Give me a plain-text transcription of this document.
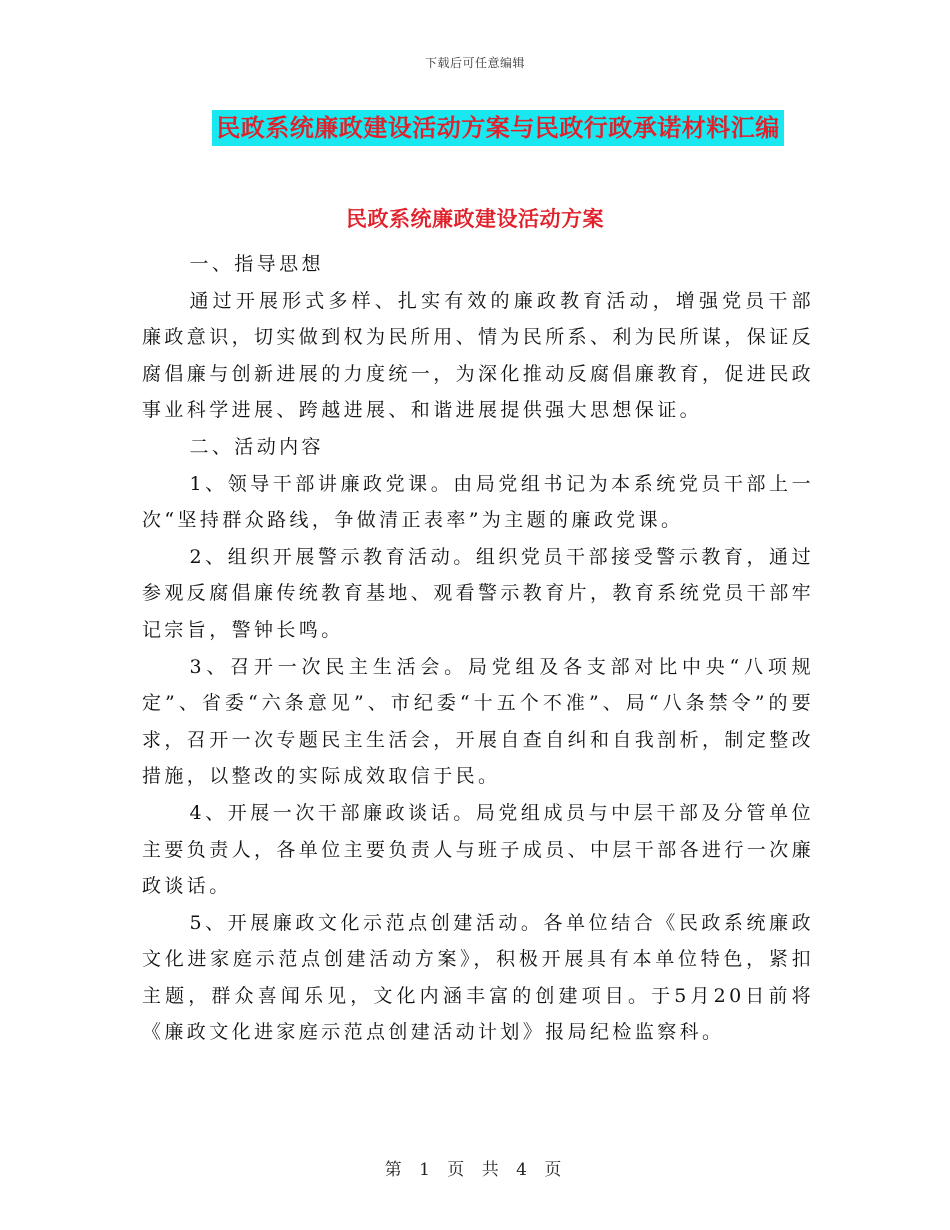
下载后可任意编辑
民政系统廉政建设活动方案与民政行政承诺材料汇编
民政系统廉政建设活动方案

一、指导思想

通过开展形式多样、扎实有效的廉政教育活动，增强党员干部廉政意识，切实做到权为民所用、情为民所系、利为民所谋，保证反腐倡廉与创新进展的力度统一，为深化推动反腐倡廉教育，促进民政事业科学进展、跨越进展、和谐进展提供强大思想保证。

二、活动内容

1、领导干部讲廉政党课。由局党组书记为本系统党员干部上一次“坚持群众路线，争做清正表率”为主题的廉政党课。

2、组织开展警示教育活动。组织党员干部接受警示教育，通过参观反腐倡廉传统教育基地、观看警示教育片，教育系统党员干部牢记宗旨，警钟长鸣。

3、召开一次民主生活会。局党组及各支部对比中央“八项规定”、省委“六条意见”、市纪委“十五个不准”、局“八条禁令”的要求，召开一次专题民主生活会，开展自查自纠和自我剖析，制定整改措施，以整改的实际成效取信于民。

4、开展一次干部廉政谈话。局党组成员与中层干部及分管单位主要负责人，各单位主要负责人与班子成员、中层干部各进行一次廉政谈话。

5、开展廉政文化示范点创建活动。各单位结合《民政系统廉政文化进家庭示范点创建活动方案》，积极开展具有本单位特色，紧扣主题，群众喜闻乐见，文化内涵丰富的创建项目。于5月20日前将《廉政文化进家庭示范点创建活动计划》报局纪检监察科。

第 1 页 共 4 页
